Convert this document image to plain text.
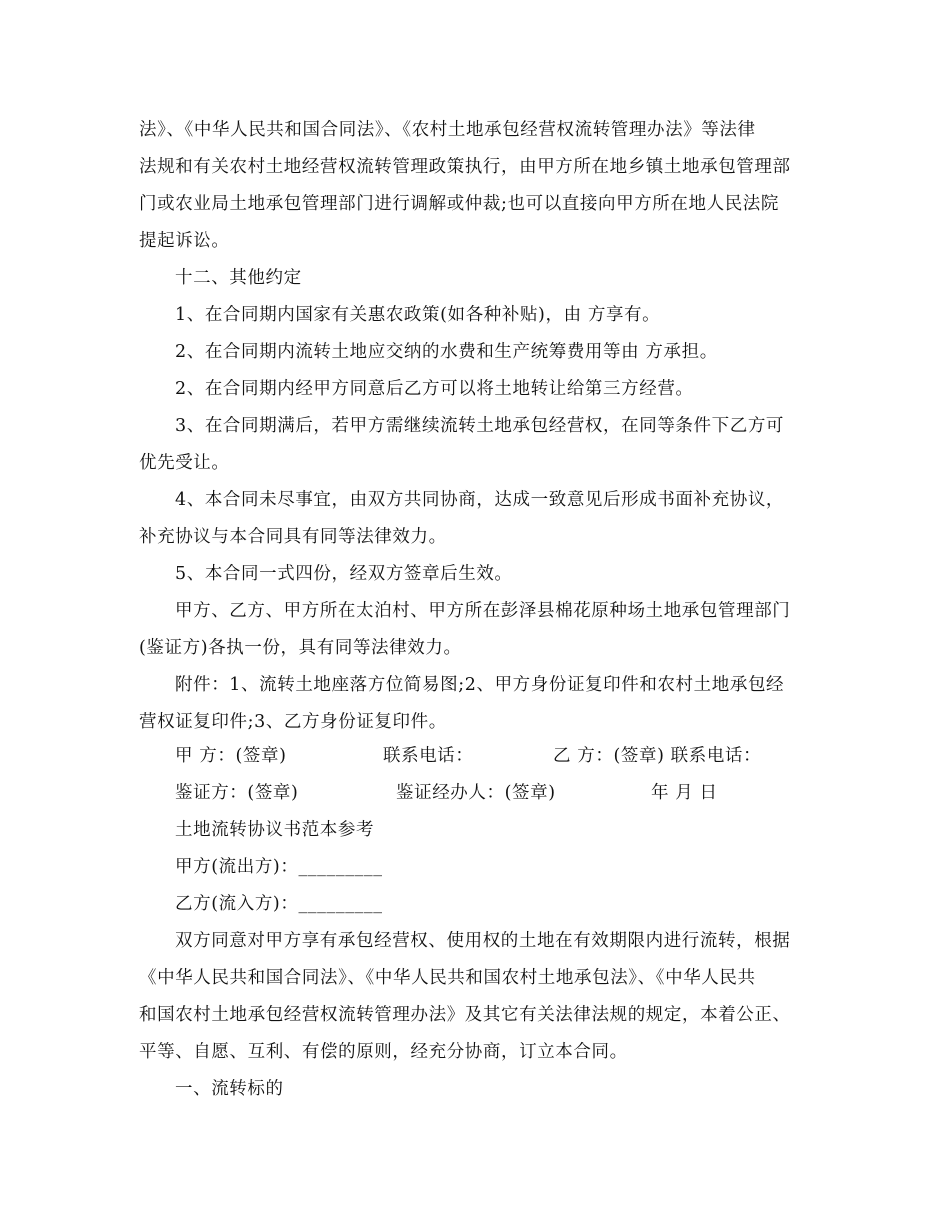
法》、《中华人民共和国合同法》、《农村土地承包经营权流转管理办法》等法律
法规和有关农村土地经营权流转管理政策执行，由甲方所在地乡镇土地承包管理部
门或农业局土地承包管理部门进行调解或仲裁;也可以直接向甲方所在地人民法院
提起诉讼。
十二、其他约定
1、在合同期内国家有关惠农政策(如各种补贴)，由 方享有。
2、在合同期内流转土地应交纳的水费和生产统筹费用等由 方承担。
2、在合同期内经甲方同意后乙方可以将土地转让给第三方经营。
3、在合同期满后，若甲方需继续流转土地承包经营权，在同等条件下乙方可
优先受让。
4、本合同未尽事宜，由双方共同协商，达成一致意见后形成书面补充协议，
补充协议与本合同具有同等法律效力。
5、本合同一式四份，经双方签章后生效。
甲方、乙方、甲方所在太泊村、甲方所在彭泽县棉花原种场土地承包管理部门
(鉴证方)各执一份，具有同等法律效力。
附件：1、流转土地座落方位简易图;2、甲方身份证复印件和农村土地承包经
营权证复印件;3、乙方身份证复印件。
甲 方：(签章)	联系电话：	乙 方：(签章) 联系电话：
鉴证方：(签章)	鉴证经办人：(签章)	年 月 日
土地流转协议书范本参考
甲方(流出方)：_________
乙方(流入方)：_________
双方同意对甲方享有承包经营权、使用权的土地在有效期限内进行流转，根据
《中华人民共和国合同法》、《中华人民共和国农村土地承包法》、《中华人民共
和国农村土地承包经营权流转管理办法》及其它有关法律法规的规定，本着公正、
平等、自愿、互利、有偿的原则，经充分协商，订立本合同。
一、流转标的
